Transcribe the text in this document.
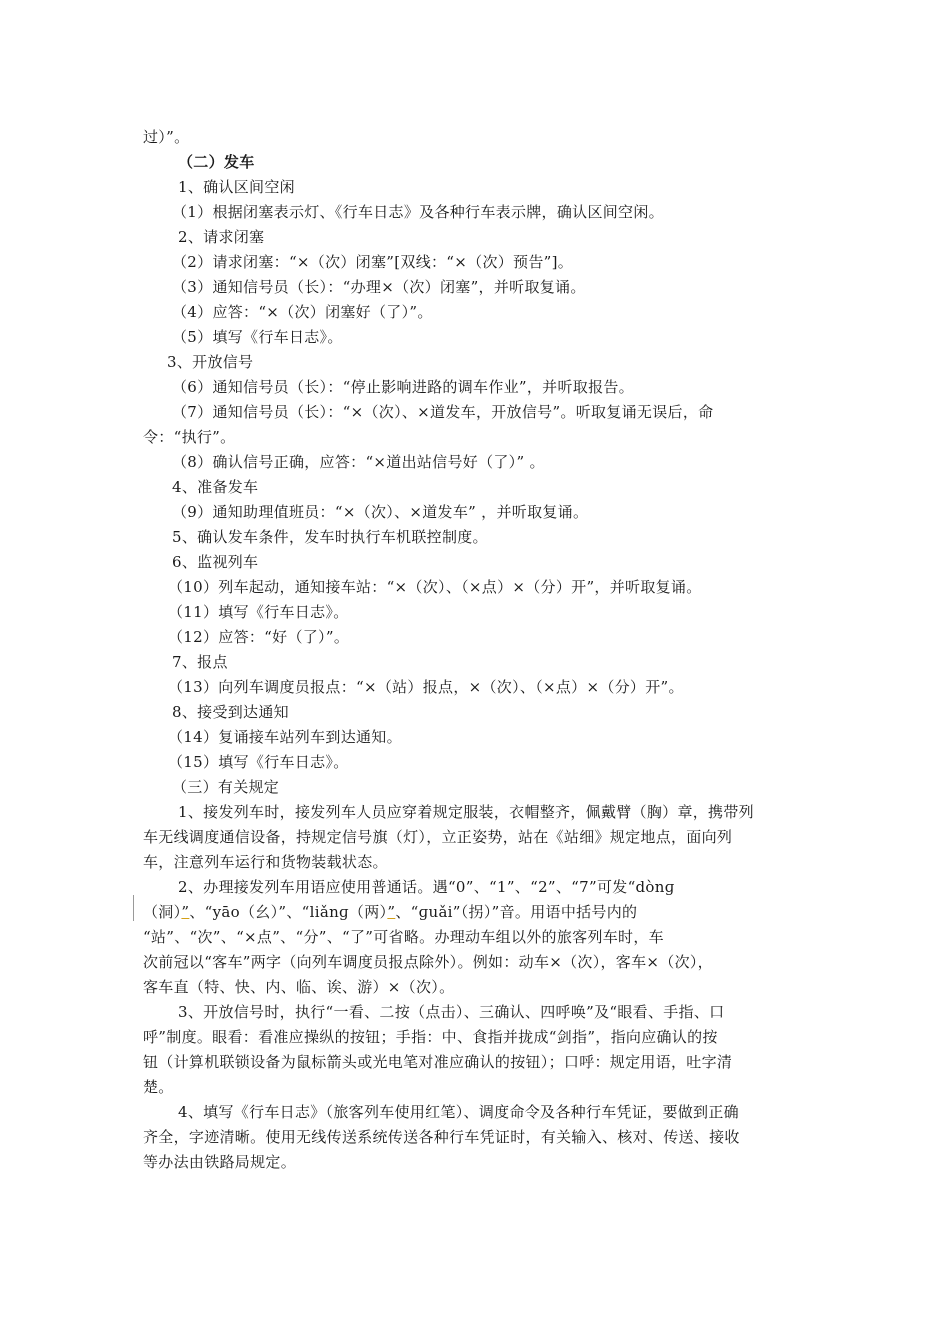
过）”。
（二）发车
1、确认区间空闲
（1）根据闭塞表示灯、《行车日志》及各种行车表示牌，确认区间空闲。
2、请求闭塞
（2）请求闭塞：“×（次）闭塞”[双线：“×（次）预告”]。
（3）通知信号员（长）：“办理×（次）闭塞”，并听取复诵。
（4）应答：“×（次）闭塞好（了）”。
（5）填写《行车日志》。
3、开放信号
（6）通知信号员（长）：“停止影响进路的调车作业”，并听取报告。
（7）通知信号员（长）：“×（次）、×道发车，开放信号”。听取复诵无误后，命
令：“执行”。
（8）确认信号正确，应答：“×道出站信号好（了）” 。
4、准备发车
（9）通知助理值班员：“×（次）、×道发车” ，并听取复诵。
5、确认发车条件，发车时执行车机联控制度。
6、监视列车
（10）列车起动，通知接车站：“×（次）、（×点）×（分）开”，并听取复诵。
（11）填写《行车日志》。
（12）应答：“好（了）”。
7、报点
（13）向列车调度员报点：“×（站）报点，×（次）、（×点）×（分）开”。
8、接受到达通知
（14）复诵接车站列车到达通知。
（15）填写《行车日志》。
（三）有关规定
1、接发列车时，接发列车人员应穿着规定服装，衣帽整齐，佩戴臂（胸）章，携带列
车无线调度通信设备，持规定信号旗（灯），立正姿势，站在《站细》规定地点，面向列
车，注意列车运行和货物装载状态。
2、办理接发列车用语应使用普通话。遇“0”、“1”、“2”、“7”可发“dònɡ
（洞）”、“yāo（幺）”、“liǎnɡ（两）”、“ɡuǎi”（拐）”音。用语中括号内的
“站”、“次”、“×点”、“分”、“了”可省略。办理动车组以外的旅客列车时，车
次前冠以“客车”两字（向列车调度员报点除外）。例如：动车×（次），客车×（次），
客车直（特、快、内、临、诶、游）×（次）。
3、开放信号时，执行“一看、二按（点击）、三确认、四呼唤”及“眼看、手指、口
呼”制度。眼看：看准应操纵的按钮；手指：中、食指并拢成“剑指”，指向应确认的按
钮（计算机联锁设备为鼠标箭头或光电笔对准应确认的按钮）；口呼：规定用语，吐字清
楚。
4、填写《行车日志》（旅客列车使用红笔）、调度命令及各种行车凭证，要做到正确
齐全，字迹清晰。使用无线传送系统传送各种行车凭证时，有关输入、核对、传送、接收
等办法由铁路局规定。
